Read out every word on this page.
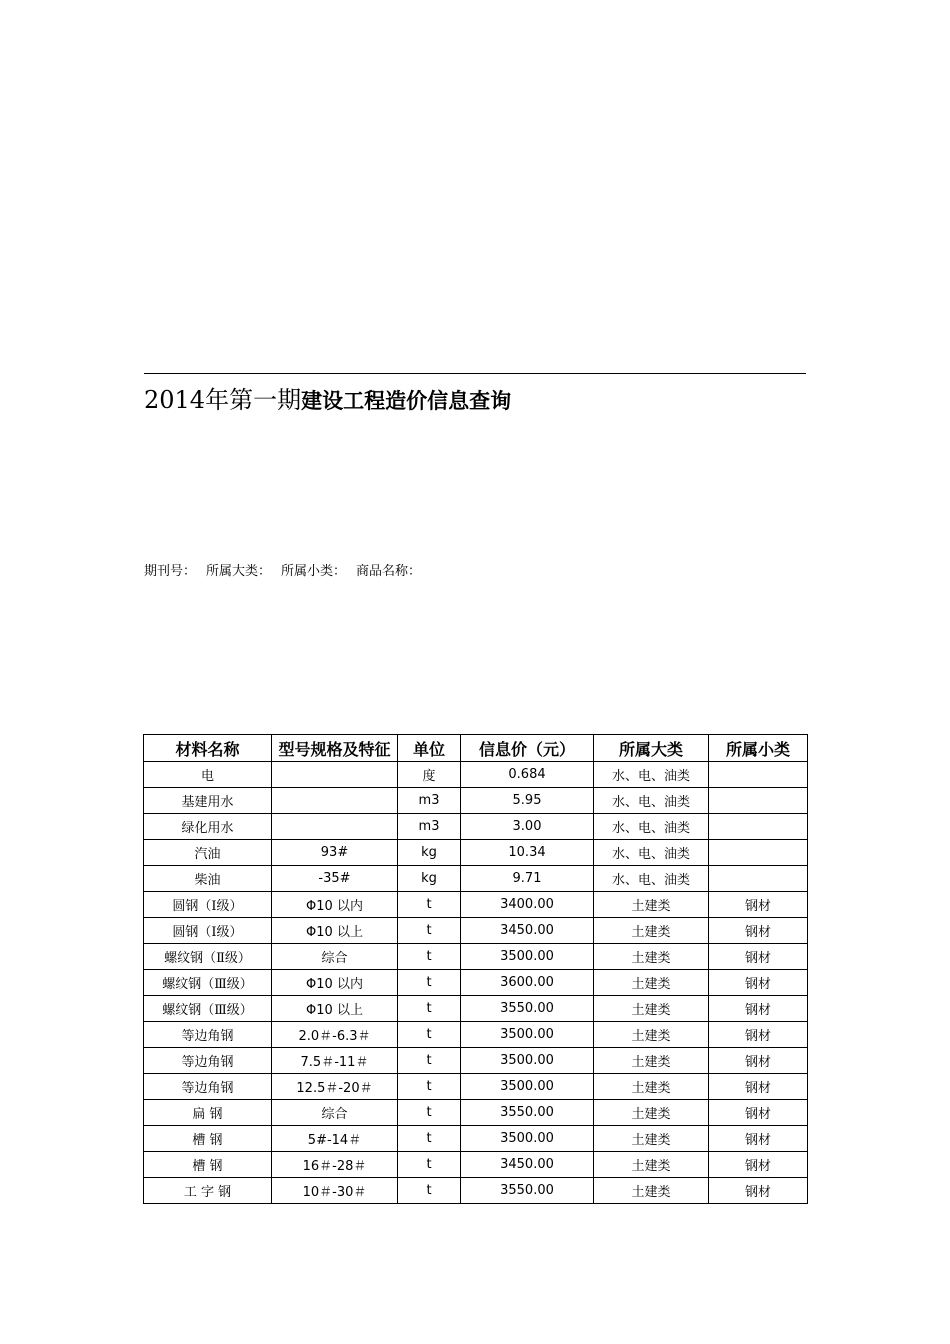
2014年第一期建设工程造价信息查询
期刊号： 所属大类： 所属小类： 商品名称：
材料名称	型号规格及特征	单位	信息价（元）	所属大类	所属小类
电		度	0.684	水、电、油类	
基建用水		m3	5.95	水、电、油类	
绿化用水		m3	3.00	水、电、油类	
汽油	93#	kg	10.34	水、电、油类	
柴油	-35#	kg	9.71	水、电、油类	
圆钢（Ⅰ级）	Φ10 以内	t	3400.00	土建类	钢材
圆钢（Ⅰ级）	Φ10 以上	t	3450.00	土建类	钢材
螺纹钢（Ⅱ级）	综合	t	3500.00	土建类	钢材
螺纹钢（Ⅲ级）	Φ10 以内	t	3600.00	土建类	钢材
螺纹钢（Ⅲ级）	Φ10 以上	t	3550.00	土建类	钢材
等边角钢	2.0＃-6.3＃	t	3500.00	土建类	钢材
等边角钢	7.5＃-11＃	t	3500.00	土建类	钢材
等边角钢	12.5＃-20＃	t	3500.00	土建类	钢材
扁 钢	综合	t	3550.00	土建类	钢材
槽 钢	5#-14＃	t	3500.00	土建类	钢材
槽 钢	16＃-28＃	t	3450.00	土建类	钢材
工 字 钢	10＃-30＃	t	3550.00	土建类	钢材
